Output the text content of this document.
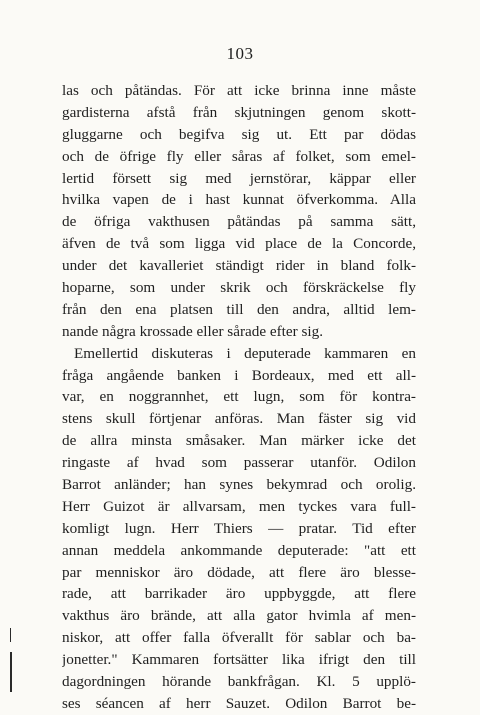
103
las och påtändas. För att icke brinna inne måste
gardisterna afstå från skjutningen genom skott-
gluggarne och begifva sig ut. Ett par dödas
och de öfrige fly eller såras af folket, som emel-
lertid försett sig med jernstörar, käppar eller
hvilka vapen de i hast kunnat öfverkomma. Alla
de öfriga vakthusen påtändas på samma sätt,
äfven de två som ligga vid place de la Concorde,
under det kavalleriet ständigt rider in bland folk-
hoparne, som under skrik och förskräckelse fly
från den ena platsen till den andra, alltid lem-
nande några krossade eller sårade efter sig.
Emellertid diskuteras i deputerade kammaren en
fråga angående banken i Bordeaux, med ett all-
var, en noggrannhet, ett lugn, som för kontra-
stens skull förtjenar anföras. Man fäster sig vid
de allra minsta småsaker. Man märker icke det
ringaste af hvad som passerar utanför. Odilon
Barrot anländer; han synes bekymrad och orolig.
Herr Guizot är allvarsam, men tyckes vara full-
komligt lugn. Herr Thiers — pratar. Tid efter
annan meddela ankommande deputerade: "att ett
par menniskor äro dödade, att flere äro blesse-
rade, att barrikader äro uppbyggde, att flere
vakthus äro brände, att alla gator hvimla af men-
niskor, att offer falla öfverallt för sablar och ba-
jonetter." Kammaren fortsätter lika ifrigt den till
dagordningen hörande bankfrågan. Kl. 5 upplö-
ses séancen af herr Sauzet. Odilon Barrot be-
